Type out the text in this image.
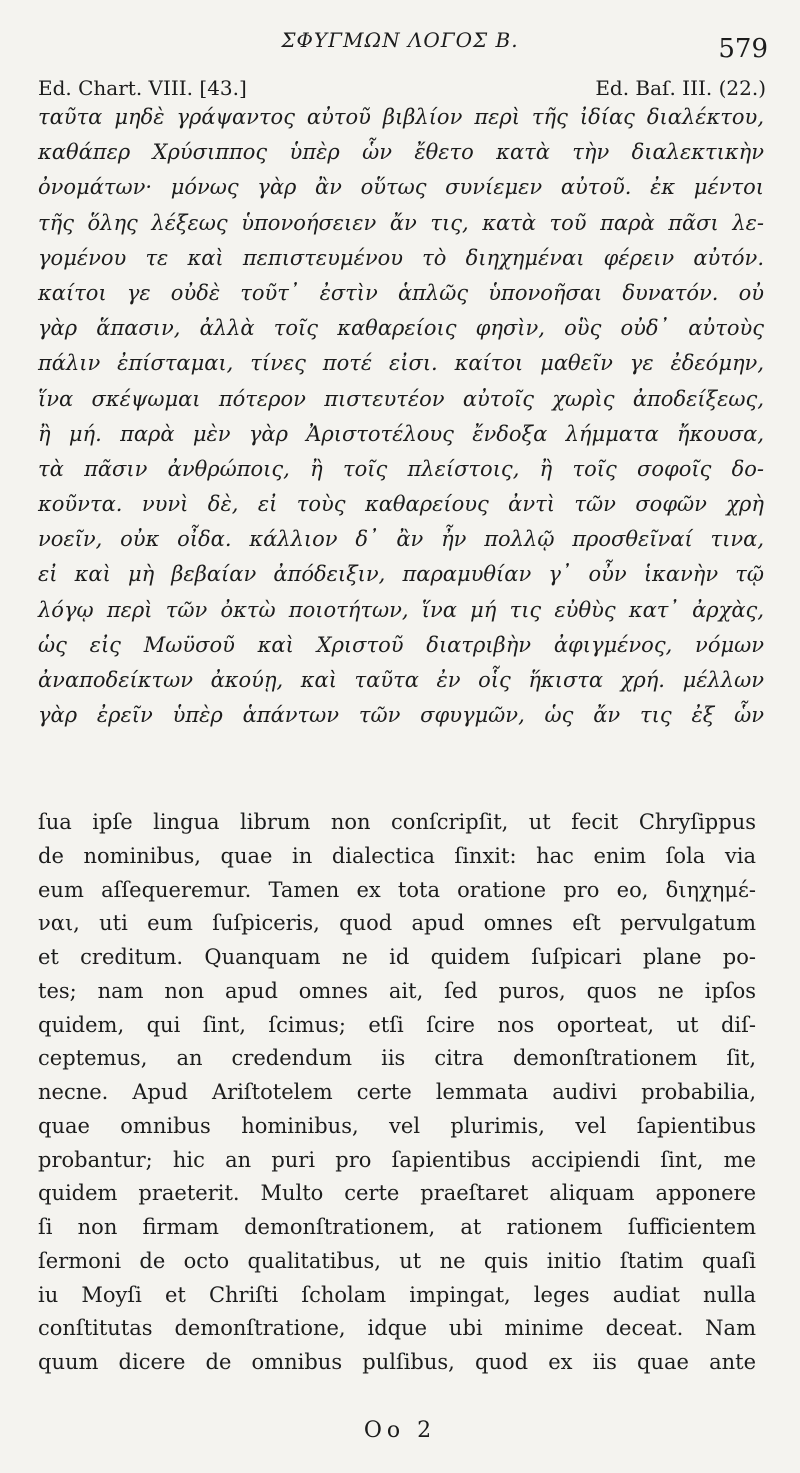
ΣΦΥΓΜΩΝ ΛΟΓΟΣ Β.	579
Ed. Chart. VIII. [43.]	Ed. Baſ. III. (22.)
ταῦτα μηδὲ γράψαντος αὐτοῦ βιβλίον περὶ τῆς ἰδίας διαλέκτου,
καθάπερ Χρύσιππος ὑπὲρ ὧν ἔθετο κατὰ τὴν διαλεκτικὴν
ὀνομάτων· μόνως γὰρ ἂν οὕτως συνίεμεν αὐτοῦ. ἐκ μέντοι
τῆς ὅλης λέξεως ὑπονοήσειεν ἄν τις, κατὰ τοῦ παρὰ πᾶσι λε-
γομένου τε καὶ πεπιστευμένου τὸ διηχημέναι φέρειν αὐτόν.
καίτοι γε οὐδὲ τοῦτ᾽ ἐστὶν ἁπλῶς ὑπονοῆσαι δυνατόν. οὐ
γὰρ ἅπασιν, ἀλλὰ τοῖς καθαρείοις φησὶν, οὓς οὐδ᾽ αὐτοὺς
πάλιν ἐπίσταμαι, τίνες ποτέ εἰσι. καίτοι μαθεῖν γε ἐδεόμην,
ἵνα σκέψωμαι πότερον πιστευτέον αὐτοῖς χωρὶς ἀποδείξεως,
ἢ μή. παρὰ μὲν γὰρ Ἀριστοτέλους ἔνδοξα λήμματα ἤκουσα,
τὰ πᾶσιν ἀνθρώποις, ἢ τοῖς πλείστοις, ἢ τοῖς σοφοῖς δο-
κοῦντα. νυνὶ δὲ, εἰ τοὺς καθαρείους ἀντὶ τῶν σοφῶν χρὴ
νοεῖν, οὐκ οἶδα. κάλλιον δ᾽ ἂν ἦν πολλῷ προσθεῖναί τινα,
εἰ καὶ μὴ βεβαίαν ἀπόδειξιν, παραμυθίαν γ᾽ οὖν ἱκανὴν τῷ
λόγῳ περὶ τῶν ὀκτὼ ποιοτήτων, ἵνα μή τις εὐθὺς κατ᾽ ἀρχὰς,
ὡς εἰς Μωϋσοῦ καὶ Χριστοῦ διατριβὴν ἀφιγμένος, νόμων
ἀναποδείκτων ἀκούῃ, καὶ ταῦτα ἐν οἷς ἥκιστα χρή. μέλλων
γὰρ ἐρεῖν ὑπὲρ ἁπάντων τῶν σφυγμῶν, ὡς ἄν τις ἐξ ὧν
ſua ipſe lingua librum non conſcripſit, ut fecit Chryſippus
de nominibus, quae in dialectica ſinxit: hac enim ſola via
eum aſſequeremur. Tamen ex tota oratione pro eo, διηχημέ-
ναι, uti eum ſuſpiceris, quod apud omnes eſt pervulgatum
et creditum. Quanquam ne id quidem ſuſpicari plane po-
tes; nam non apud omnes ait, ſed puros, quos ne ipſos
quidem, qui ſint, ſcimus; etſi ſcire nos oporteat, ut diſ-
ceptemus, an credendum iis citra demonſtrationem ſit,
necne. Apud Ariſtotelem certe lemmata audivi probabilia,
quae omnibus hominibus, vel plurimis, vel ſapientibus
probantur; hic an puri pro ſapientibus accipiendi ſint, me
quidem praeterit. Multo certe praeſtaret aliquam apponere
ſi non firmam demonſtrationem, at rationem ſufficientem
ſermoni de octo qualitatibus, ut ne quis initio ſtatim quaſi
iu Moyſi et Chriſti ſcholam impingat, leges audiat nulla
conſtitutas demonſtratione, idque ubi minime deceat. Nam
quum dicere de omnibus pulſibus, quod ex iis quae ante
Oo 2
